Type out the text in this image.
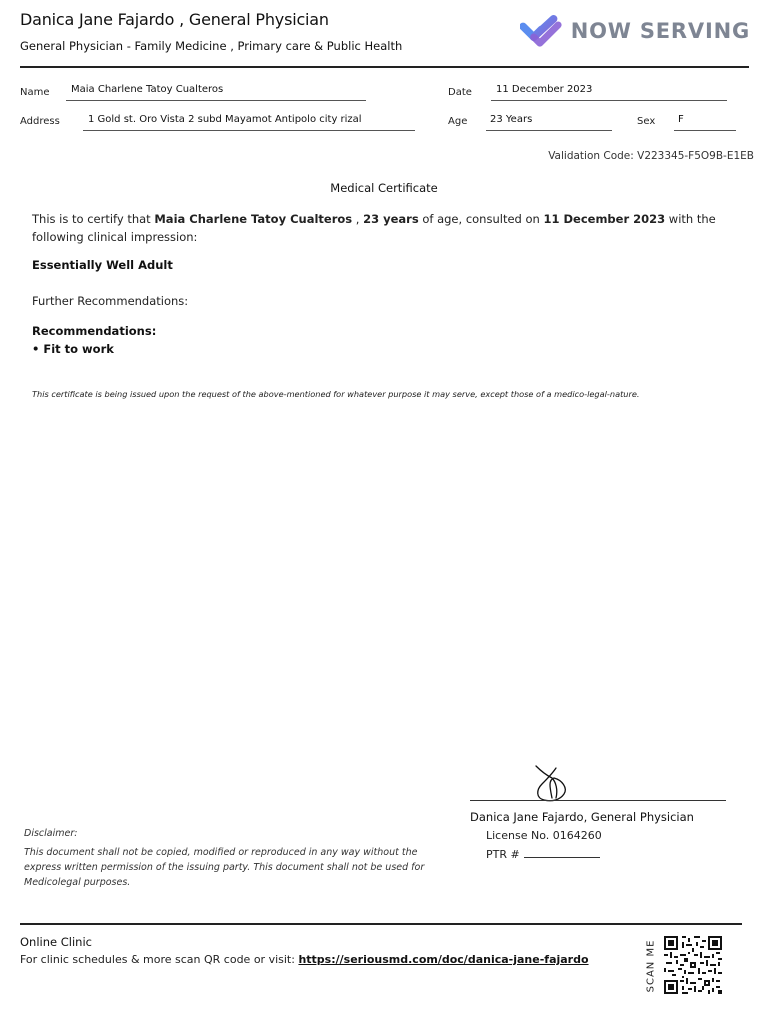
Danica Jane Fajardo , General Physician
General Physician - Family Medicine , Primary care & Public Health
NOW SERVING
Name Maia Charlene Tatoy Cualteros	Date 11 December 2023
Address	1 Gold st. Oro Vista 2 subd Mayamot Antipolo city rizal	Age 23 Years	Sex F
Validation Code: V223345-F5O9B-E1EB
Medical Certificate
This is to certify that Maia Charlene Tatoy Cualteros , 23 years of age, consulted on 11 December 2023 with the following clinical impression:
Essentially Well Adult
Further Recommendations:
Recommendations:
• Fit to work
This certificate is being issued upon the request of the above-mentioned for whatever purpose it may serve, except those of a medico-legal-nature.
Danica Jane Fajardo, General Physician
License No. 0164260
PTR #
Disclaimer:
This document shall not be copied, modified or reproduced in any way without the express written permission of the issuing party. This document shall not be used for Medicolegal purposes.
Online Clinic
For clinic schedules & more scan QR code or visit: https://seriousmd.com/doc/danica-jane-fajardo	SCAN ME
